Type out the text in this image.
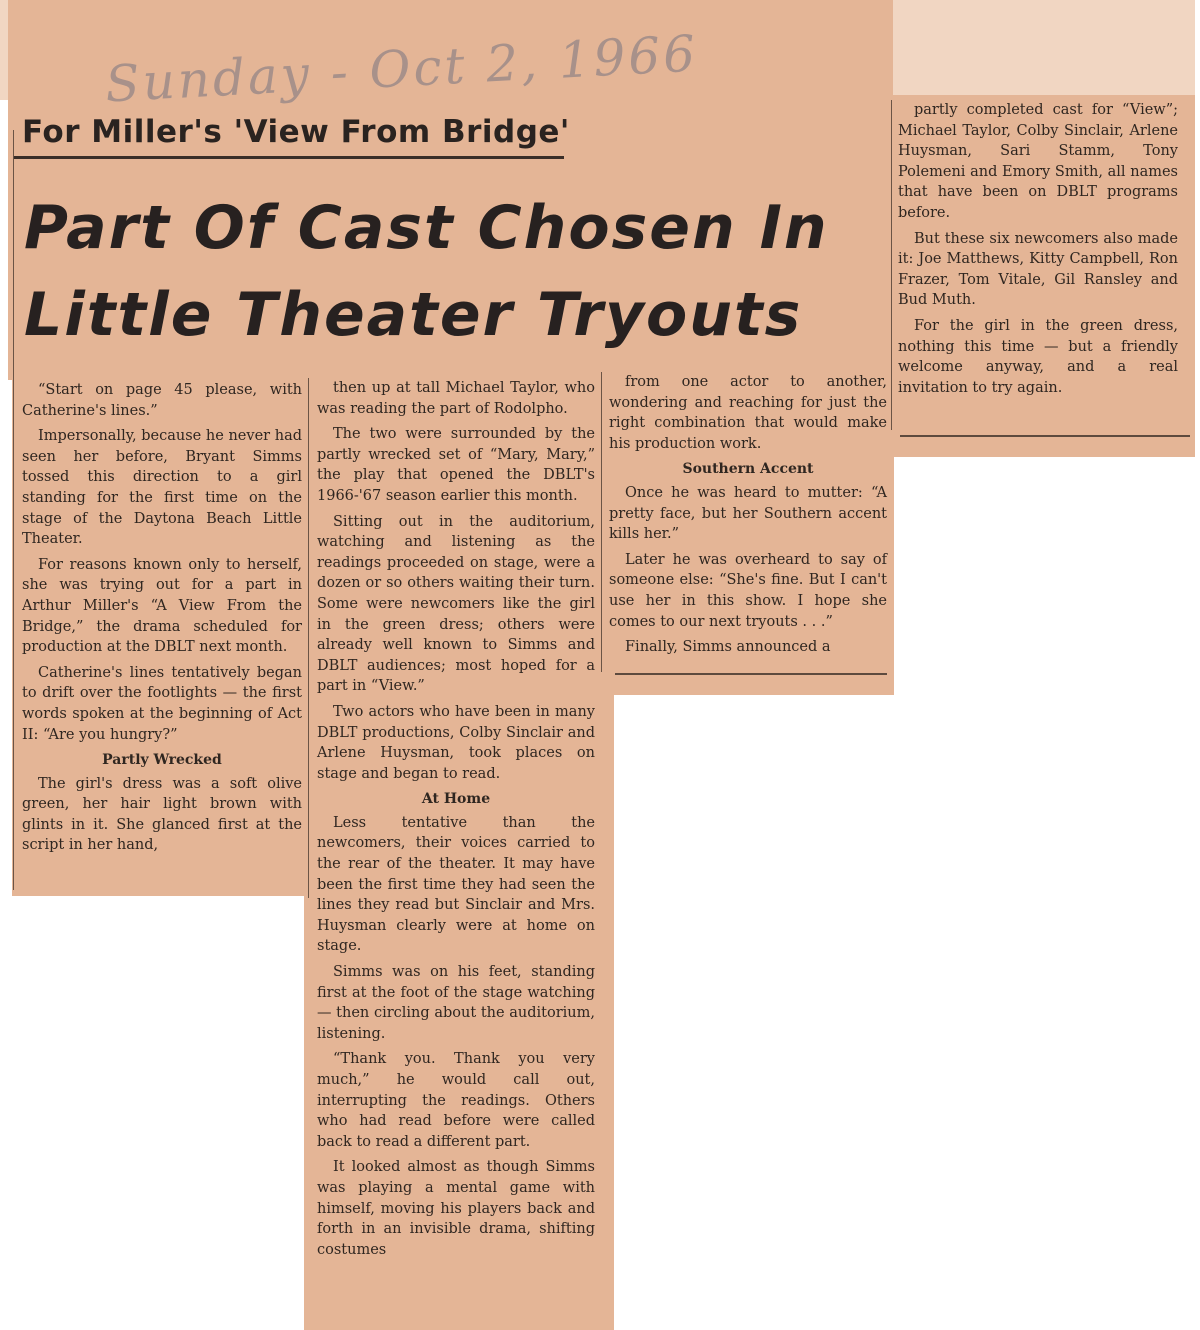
Sunday - Oct 2, 1966
For Miller's 'View From Bridge'
Part Of Cast Chosen In
Little Theater Tryouts

“Start on page 45 please, with Catherine's lines.”

Impersonally, because he never had seen her before, Bryant Simms tossed this direction to a girl standing for the first time on the stage of the Daytona Beach Little Theater.

For reasons known only to herself, she was trying out for a part in Arthur Miller's “A View From the Bridge,” the drama scheduled for production at the DBLT next month.

Catherine's lines tentatively began to drift over the footlights — the first words spoken at the beginning of Act II: “Are you hungry?”

Partly Wrecked

The girl's dress was a soft olive green, her hair light brown with glints in it. She glanced first at the script in her hand,

then up at tall Michael Taylor, who was reading the part of Rodolpho.

The two were surrounded by the partly wrecked set of “Mary, Mary,” the play that opened the DBLT's 1966-'67 season earlier this month.

Sitting out in the auditorium, watching and listening as the readings proceeded on stage, were a dozen or so others waiting their turn. Some were newcomers like the girl in the green dress; others were already well known to Simms and DBLT audiences; most hoped for a part in “View.”

Two actors who have been in many DBLT productions, Colby Sinclair and Arlene Huysman, took places on stage and began to read.

At Home

Less tentative than the newcomers, their voices carried to the rear of the theater. It may have been the first time they had seen the lines they read but Sinclair and Mrs. Huysman clearly were at home on stage.

Simms was on his feet, standing first at the foot of the stage watching — then circling about the auditorium, listening.

“Thank you. Thank you very much,” he would call out, interrupting the readings. Others who had read before were called back to read a different part.

It looked almost as though Simms was playing a mental game with himself, moving his players back and forth in an invisible drama, shifting costumes

from one actor to another, wondering and reaching for just the right combination that would make his production work.

Southern Accent

Once he was heard to mutter: “A pretty face, but her Southern accent kills her.”

Later he was overheard to say of someone else: “She's fine. But I can't use her in this show. I hope she comes to our next tryouts . . .”

Finally, Simms announced a

partly completed cast for “View”; Michael Taylor, Colby Sinclair, Arlene Huysman, Sari Stamm, Tony Polemeni and Emory Smith, all names that have been on DBLT programs before.

But these six newcomers also made it: Joe Matthews, Kitty Campbell, Ron Frazer, Tom Vitale, Gil Ransley and Bud Muth.

For the girl in the green dress, nothing this time — but a friendly welcome anyway, and a real invitation to try again.
